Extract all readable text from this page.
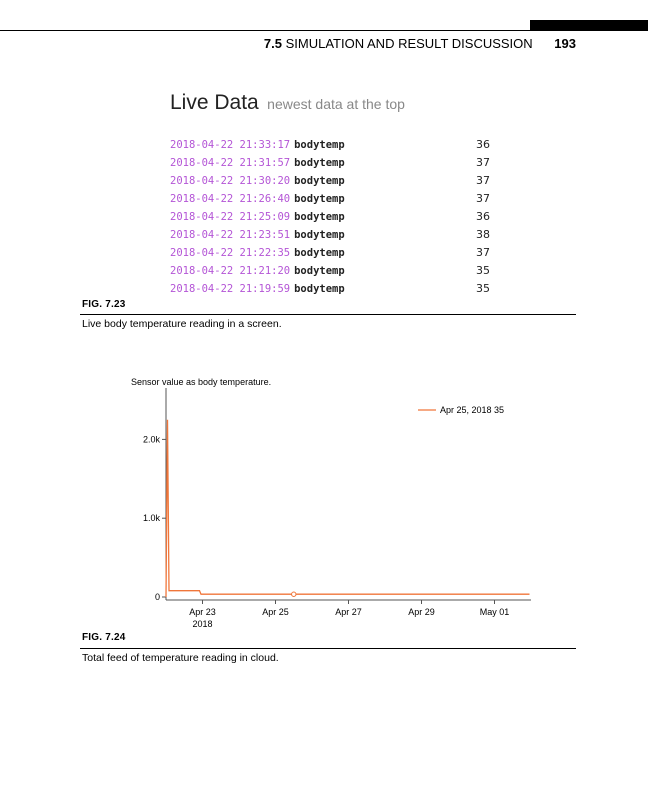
7.5 SIMULATION AND RESULT DISCUSSION 193
Live Data newest data at the top
2018-04-22 21:33:17 bodytemp	36
2018-04-22 21:31:57 bodytemp	37
2018-04-22 21:30:20 bodytemp	37
2018-04-22 21:26:40 bodytemp	37
2018-04-22 21:25:09 bodytemp	36
2018-04-22 21:23:51 bodytemp	38
2018-04-22 21:22:35 bodytemp	37
2018-04-22 21:21:20 bodytemp	35
2018-04-22 21:19:59 bodytemp	35
FIG. 7.23
Live body temperature reading in a screen.
Sensor value as body temperature.
0
1.0k
2.0k
Apr 23
2018
Apr 25	Apr 27	Apr 29	May 01
Apr 25, 2018 35
FIG. 7.24
Total feed of temperature reading in cloud.
